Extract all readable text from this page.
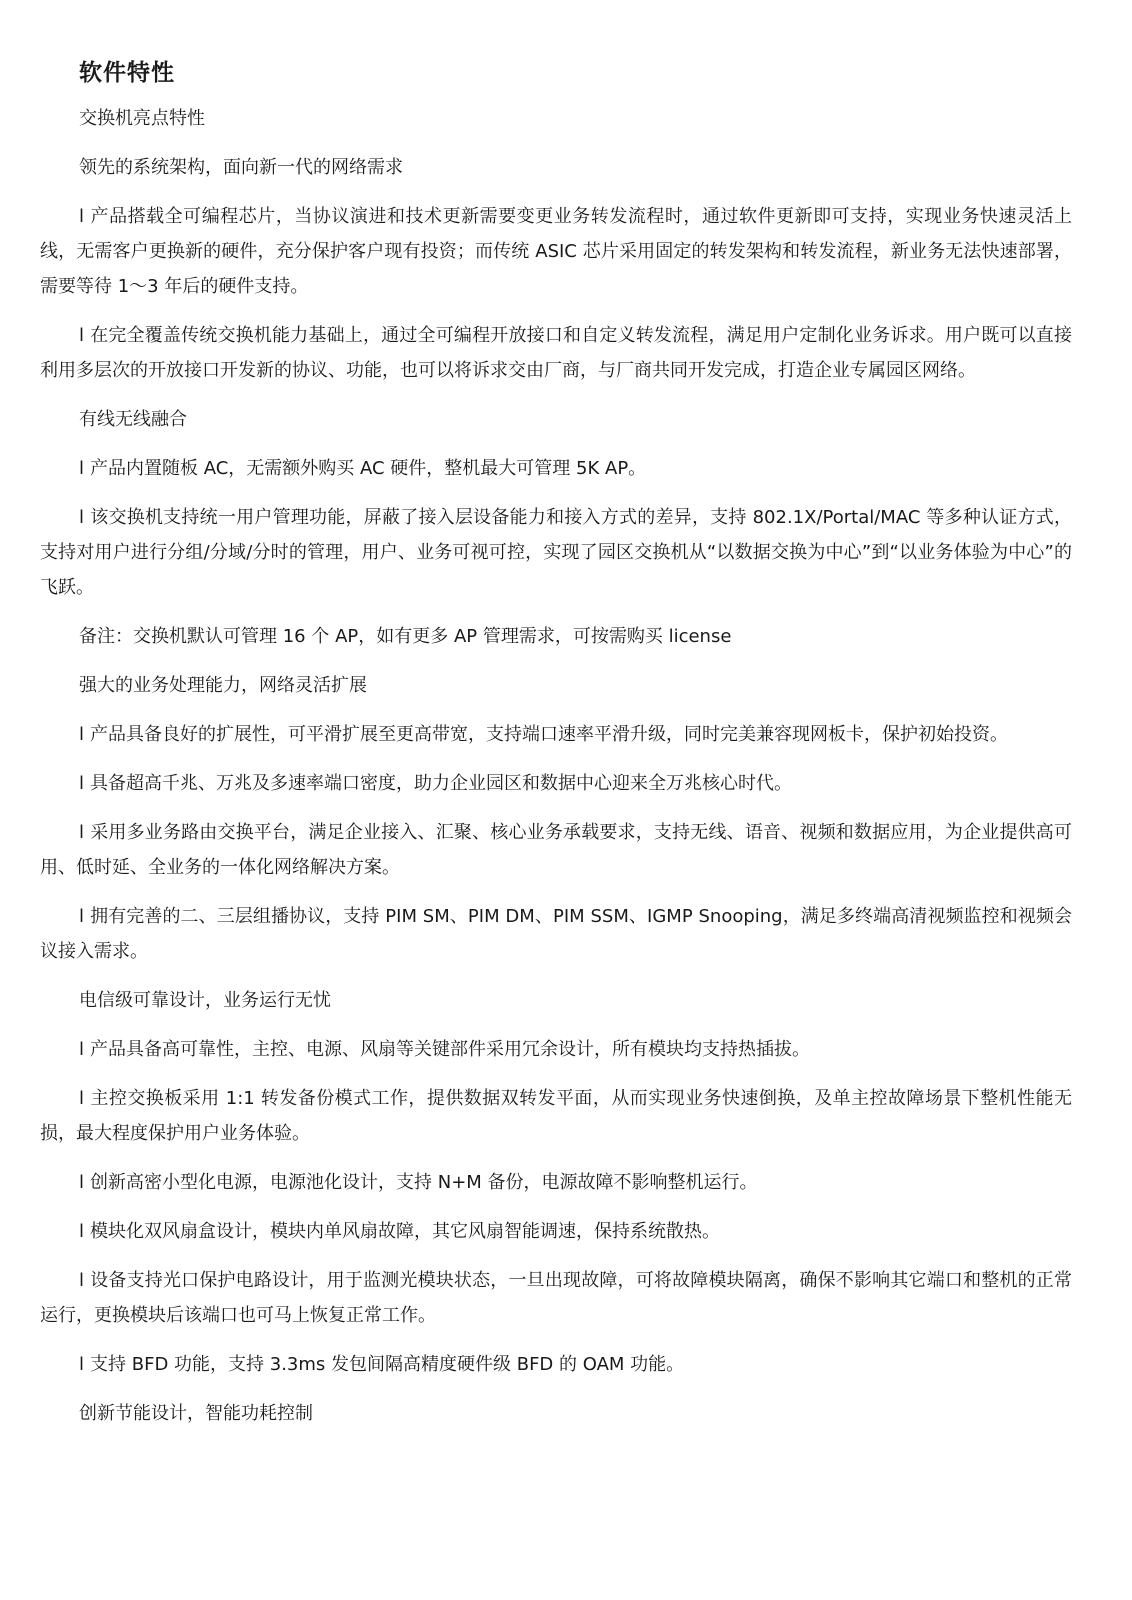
软件特性
交换机亮点特性
领先的系统架构，面向新一代的网络需求
l 产品搭载全可编程芯片，当协议演进和技术更新需要变更业务转发流程时，通过软件更新即可支持，实现业务快速灵活上线，无需客户更换新的硬件，充分保护客户现有投资；而传统 ASIC 芯片采用固定的转发架构和转发流程，新业务无法快速部署，需要等待 1～3 年后的硬件支持。
l 在完全覆盖传统交换机能力基础上，通过全可编程开放接口和自定义转发流程，满足用户定制化业务诉求。用户既可以直接利用多层次的开放接口开发新的协议、功能，也可以将诉求交由厂商，与厂商共同开发完成，打造企业专属园区网络。
有线无线融合
l 产品内置随板 AC，无需额外购买 AC 硬件，整机最大可管理 5K AP。
l 该交换机支持统一用户管理功能，屏蔽了接入层设备能力和接入方式的差异，支持 802.1X/Portal/MAC 等多种认证方式，支持对用户进行分组/分域/分时的管理，用户、业务可视可控，实现了园区交换机从“以数据交换为中心”到“以业务体验为中心”的飞跃。
备注：交换机默认可管理 16 个 AP，如有更多 AP 管理需求，可按需购买 license
强大的业务处理能力，网络灵活扩展
l 产品具备良好的扩展性，可平滑扩展至更高带宽，支持端口速率平滑升级，同时完美兼容现网板卡，保护初始投资。
l 具备超高千兆、万兆及多速率端口密度，助力企业园区和数据中心迎来全万兆核心时代。
l 采用多业务路由交换平台，满足企业接入、汇聚、核心业务承载要求，支持无线、语音、视频和数据应用，为企业提供高可用、低时延、全业务的一体化网络解决方案。
l 拥有完善的二、三层组播协议，支持 PIM SM、PIM DM、PIM SSM、IGMP Snooping，满足多终端高清视频监控和视频会议接入需求。
电信级可靠设计，业务运行无忧
l 产品具备高可靠性，主控、电源、风扇等关键部件采用冗余设计，所有模块均支持热插拔。
l 主控交换板采用 1:1 转发备份模式工作，提供数据双转发平面，从而实现业务快速倒换，及单主控故障场景下整机性能无损，最大程度保护用户业务体验。
l 创新高密小型化电源，电源池化设计，支持 N+M 备份，电源故障不影响整机运行。
l 模块化双风扇盒设计，模块内单风扇故障，其它风扇智能调速，保持系统散热。
l 设备支持光口保护电路设计，用于监测光模块状态，一旦出现故障，可将故障模块隔离，确保不影响其它端口和整机的正常运行，更换模块后该端口也可马上恢复正常工作。
l 支持 BFD 功能，支持 3.3ms 发包间隔高精度硬件级 BFD 的 OAM 功能。
创新节能设计，智能功耗控制
